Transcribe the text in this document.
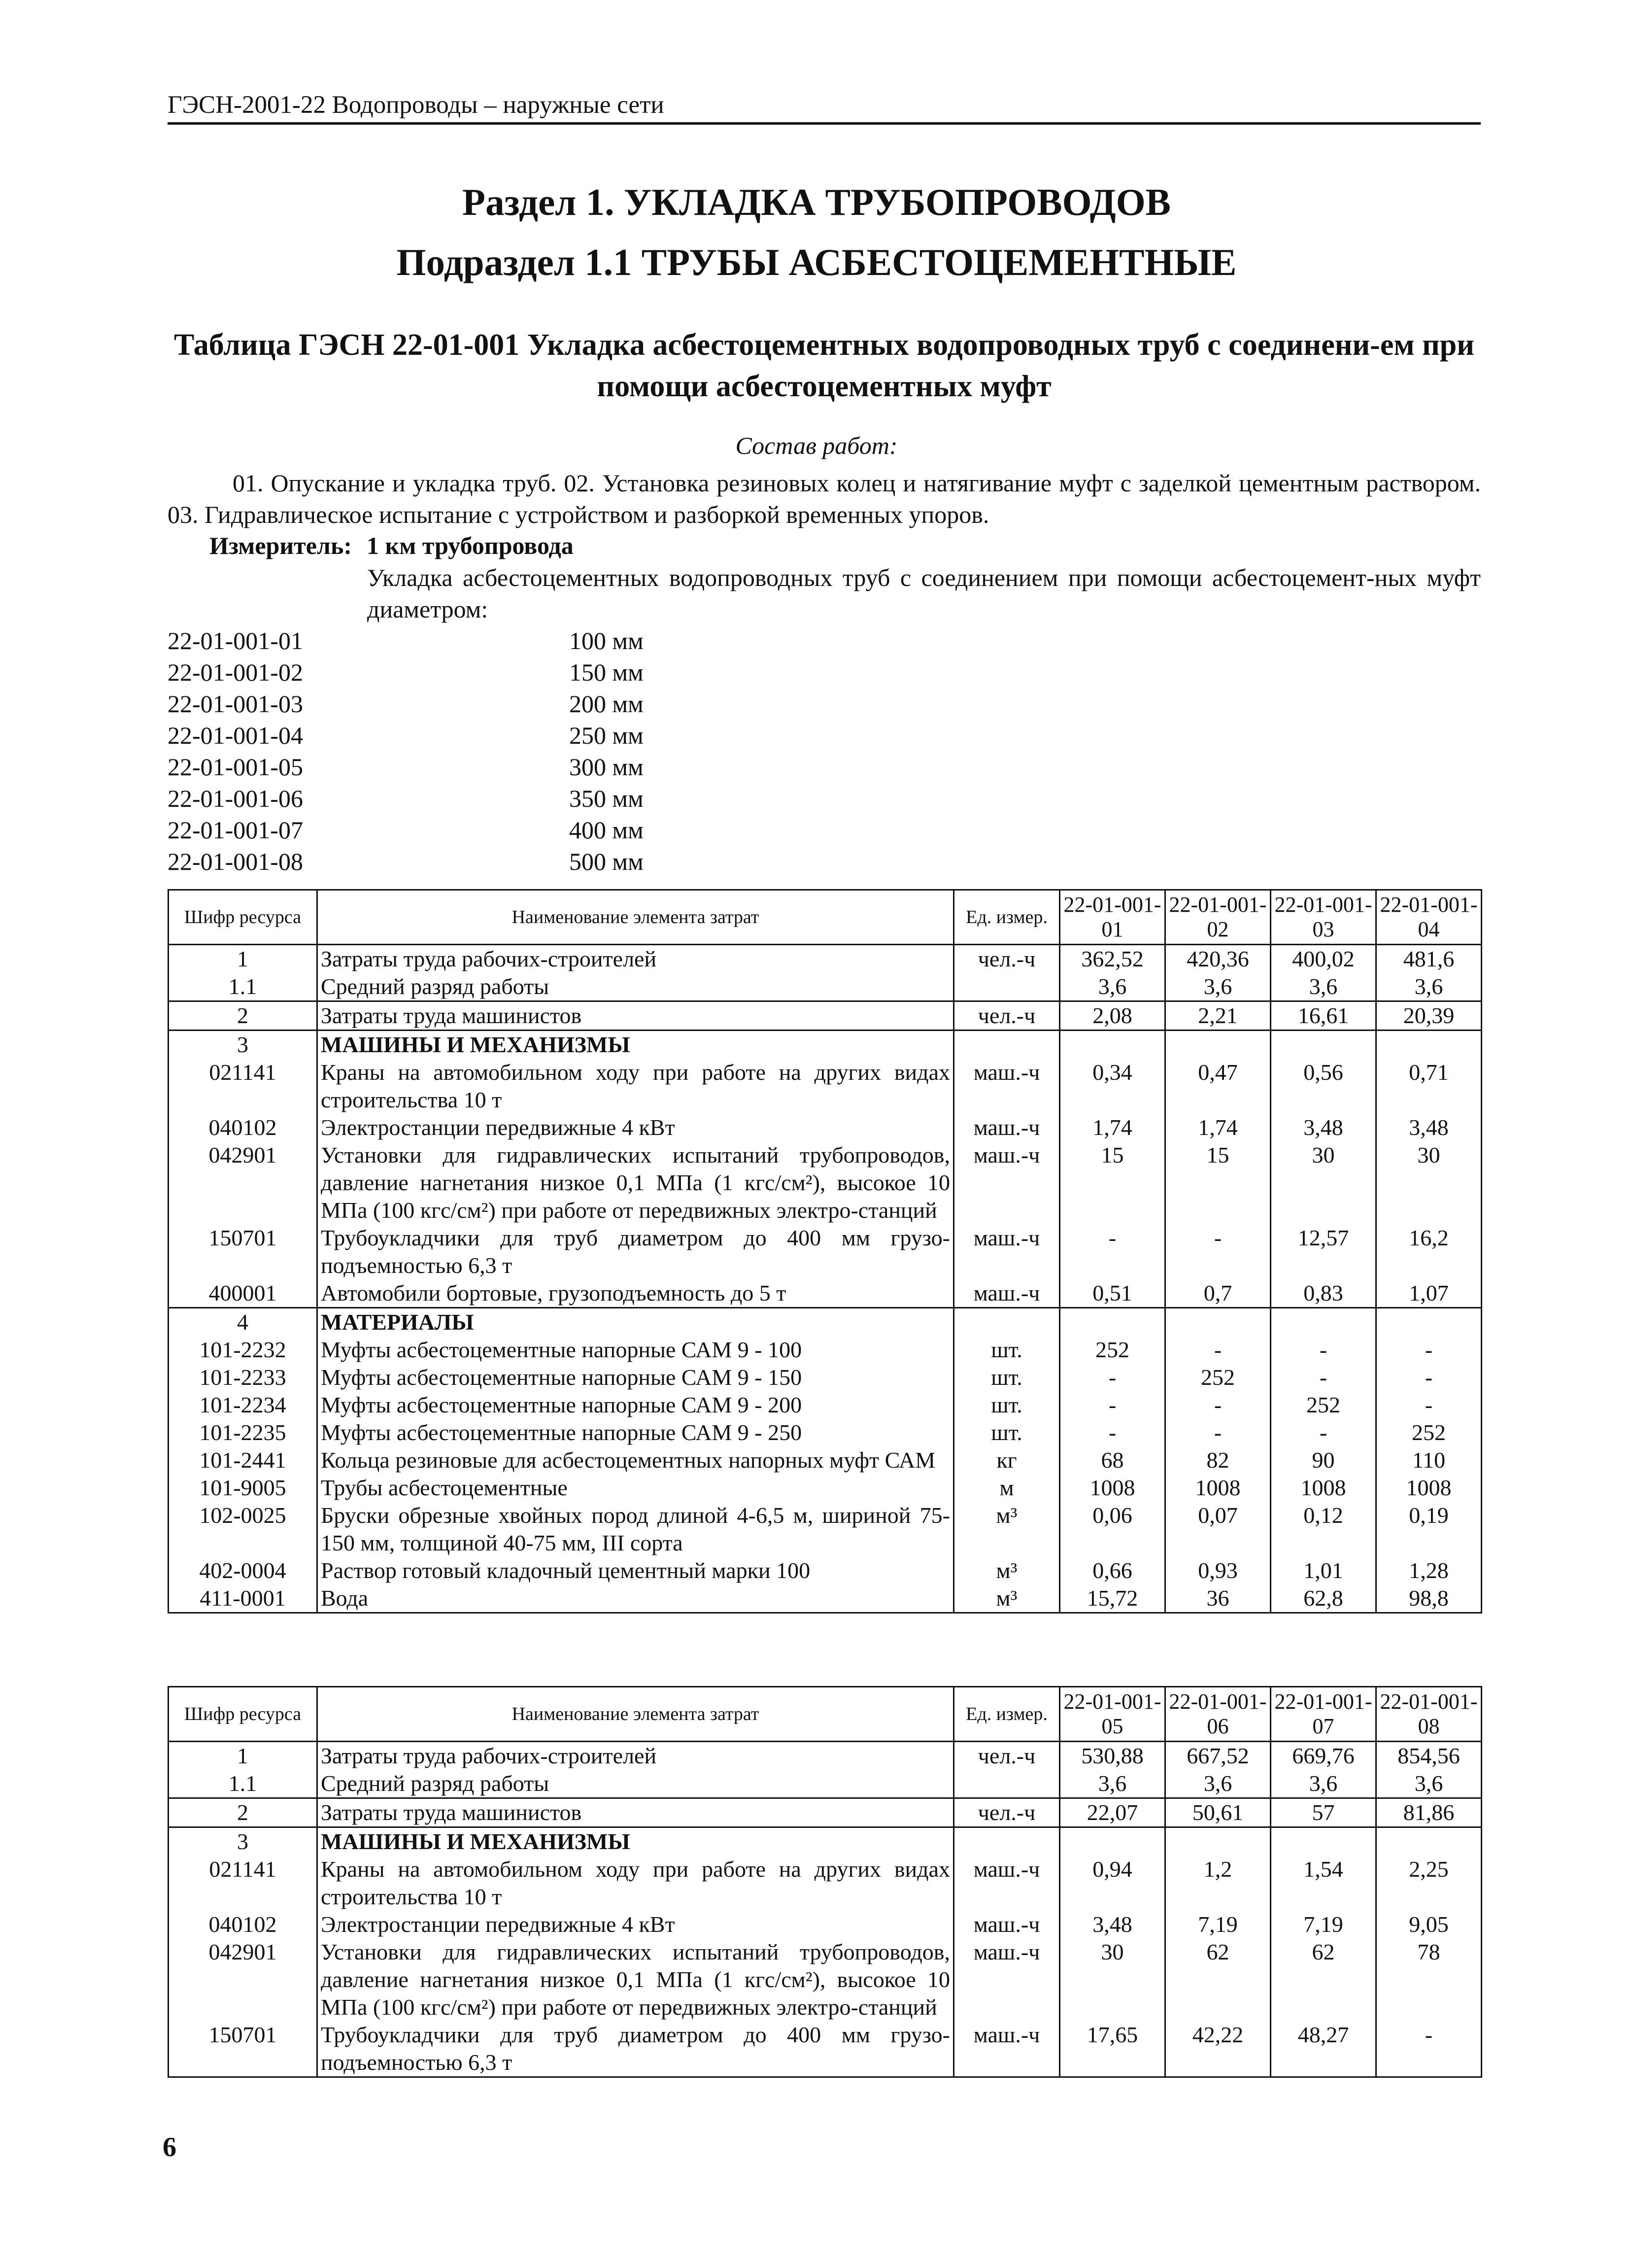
ГЭСН-2001-22 Водопроводы – наружные сети
Раздел 1. УКЛАДКА ТРУБОПРОВОДОВ
Подраздел 1.1 ТРУБЫ АСБЕСТОЦЕМЕНТНЫЕ
Таблица ГЭСН 22-01-001 Укладка асбестоцементных водопроводных труб с соединени-ем при помощи асбестоцементных муфт
Состав работ:
01. Опускание и укладка труб. 02. Установка резиновых колец и натягивание муфт с заделкой цементным раствором. 03. Гидравлическое испытание с устройством и разборкой временных упоров.
Измеритель: 1 км трубопровода
Укладка асбестоцементных водопроводных труб с соединением при помощи асбестоцемент-ных муфт диаметром:
22-01-001-01	100 мм
22-01-001-02	150 мм
22-01-001-03	200 мм
22-01-001-04	250 мм
22-01-001-05	300 мм
22-01-001-06	350 мм
22-01-001-07	400 мм
22-01-001-08	500 мм
Шифр ресурса	Наименование элемента затрат	Ед. измер.	22-01-001-01	22-01-001-02	22-01-001-03	22-01-001-04
1	Затраты труда рабочих-строителей	чел.-ч	362,52	420,36	400,02	481,6
1.1	Средний разряд работы		3,6	3,6	3,6	3,6
2	Затраты труда машинистов	чел.-ч	2,08	2,21	16,61	20,39
3	МАШИНЫ И МЕХАНИЗМЫ					
021141	Краны на автомобильном ходу при работе на других видах строительства 10 т	маш.-ч	0,34	0,47	0,56	0,71
040102	Электростанции передвижные 4 кВт	маш.-ч	1,74	1,74	3,48	3,48
042901	Установки для гидравлических испытаний трубопроводов, давление нагнетания низкое 0,1 МПа (1 кгс/см²), высокое 10 МПа (100 кгс/см²) при работе от передвижных электро-станций	маш.-ч	15	15	30	30
150701	Трубоукладчики для труб диаметром до 400 мм грузо-подъемностью 6,3 т	маш.-ч	-	-	12,57	16,2
400001	Автомобили бортовые, грузоподъемность до 5 т	маш.-ч	0,51	0,7	0,83	1,07
4	МАТЕРИАЛЫ					
101-2232	Муфты асбестоцементные напорные САМ 9 - 100	шт.	252	-	-	-
101-2233	Муфты асбестоцементные напорные САМ 9 - 150	шт.	-	252	-	-
101-2234	Муфты асбестоцементные напорные САМ 9 - 200	шт.	-	-	252	-
101-2235	Муфты асбестоцементные напорные САМ 9 - 250	шт.	-	-	-	252
101-2441	Кольца резиновые для асбестоцементных напорных муфт САМ	кг	68	82	90	110
101-9005	Трубы асбестоцементные	м	1008	1008	1008	1008
102-0025	Бруски обрезные хвойных пород длиной 4-6,5 м, шириной 75-150 мм, толщиной 40-75 мм, III сорта	м³	0,06	0,07	0,12	0,19
402-0004	Раствор готовый кладочный цементный марки 100	м³	0,66	0,93	1,01	1,28
411-0001	Вода	м³	15,72	36	62,8	98,8
Шифр ресурса	Наименование элемента затрат	Ед. измер.	22-01-001-05	22-01-001-06	22-01-001-07	22-01-001-08
1	Затраты труда рабочих-строителей	чел.-ч	530,88	667,52	669,76	854,56
1.1	Средний разряд работы		3,6	3,6	3,6	3,6
2	Затраты труда машинистов	чел.-ч	22,07	50,61	57	81,86
3	МАШИНЫ И МЕХАНИЗМЫ					
021141	Краны на автомобильном ходу при работе на других видах строительства 10 т	маш.-ч	0,94	1,2	1,54	2,25
040102	Электростанции передвижные 4 кВт	маш.-ч	3,48	7,19	7,19	9,05
042901	Установки для гидравлических испытаний трубопроводов, давление нагнетания низкое 0,1 МПа (1 кгс/см²), высокое 10 МПа (100 кгс/см²) при работе от передвижных электро-станций	маш.-ч	30	62	62	78
150701	Трубоукладчики для труб диаметром до 400 мм грузо-подъемностью 6,3 т	маш.-ч	17,65	42,22	48,27	-
6
